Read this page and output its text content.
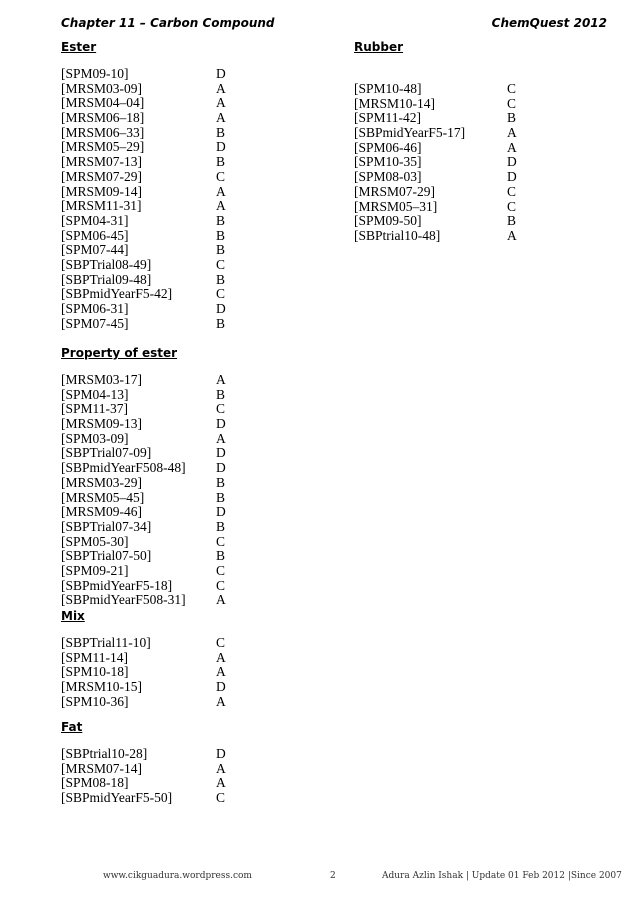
Chapter 11 – Carbon Compound	ChemQuest 2012
Ester
[SPM09-10]	D
[MRSM03-09]	A
[MRSM04–04]	A
[MRSM06–18]	A
[MRSM06–33]	B
[MRSM05–29]	D
[MRSM07-13]	B
[MRSM07-29]	C
[MRSM09-14]	A
[MRSM11-31]	A
[SPM04-31]	B
[SPM06-45]	B
[SPM07-44]	B
[SBPTrial08-49]	C
[SBPTrial09-48]	B
[SBPmidYearF5-42]	C
[SPM06-31]	D
[SPM07-45]	B
Rubber
[SPM10-48]	C
[MRSM10-14]	C
[SPM11-42]	B
[SBPmidYearF5-17]	A
[SPM06-46]	A
[SPM10-35]	D
[SPM08-03]	D
[MRSM07-29]	C
[MRSM05–31]	C
[SPM09-50]	B
[SBPtrial10-48]	A
Property of ester
[MRSM03-17]	A
[SPM04-13]	B
[SPM11-37]	C
[MRSM09-13]	D
[SPM03-09]	A
[SBPTrial07-09]	D
[SBPmidYearF508-48]	D
[MRSM03-29]	B
[MRSM05–45]	B
[MRSM09-46]	D
[SBPTrial07-34]	B
[SPM05-30]	C
[SBPTrial07-50]	B
[SPM09-21]	C
[SBPmidYearF5-18]	C
[SBPmidYearF508-31]	A
Mix
[SBPTrial11-10]	C
[SPM11-14]	A
[SPM10-18]	A
[MRSM10-15]	D
[SPM10-36]	A
Fat
[SBPtrial10-28]	D
[MRSM07-14]	A
[SPM08-18]	A
[SBPmidYearF5-50]	C
www.cikguadura.wordpress.com	2	Adura Azlin Ishak | Update 01 Feb 2012 |Since 2007
